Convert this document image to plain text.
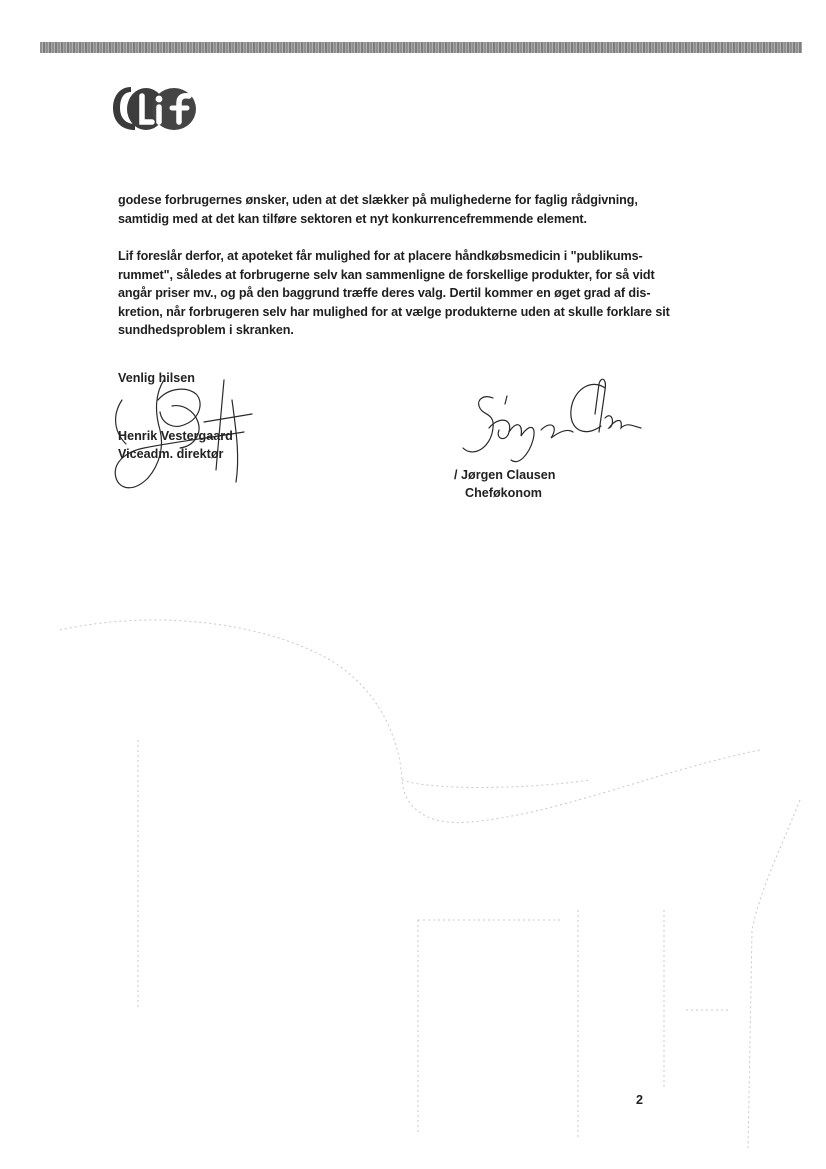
godese forbrugernes ønsker, uden at det slækker på mulighederne for faglig rådgivning,
samtidig med at det kan tilføre sektoren et nyt konkurrencefremmende element.

Lif foreslår derfor, at apoteket får mulighed for at placere håndkøbsmedicin i "publikums-
rummet", således at forbrugerne selv kan sammenligne de forskellige produkter, for så vidt
angår priser mv., og på den baggrund træffe deres valg. Dertil kommer en øget grad af dis-
kretion, når forbrugeren selv har mulighed for at vælge produkterne uden at skulle forklare sit
sundhedsproblem i skranken.

Venlig hilsen
Henrik Vestergaard
Viceadm. direktør
/ Jørgen Clausen
Cheføkonom
2
